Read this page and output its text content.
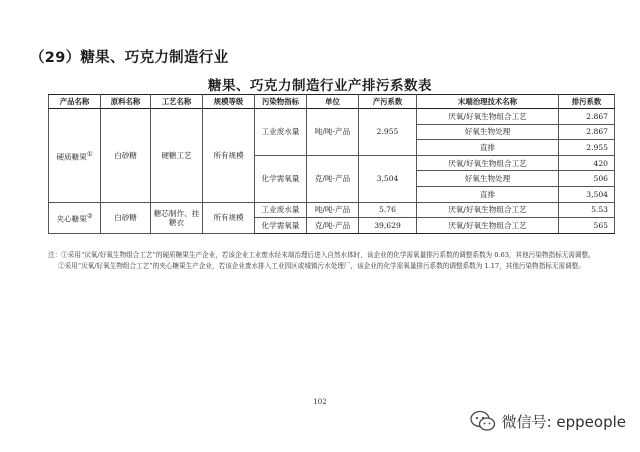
（29）糖果、巧克力制造行业
糖果、巧克力制造行业产排污系数表
产品名称	原料名称	工艺名称	规模等级	污染物指标	单位	产污系数	末端治理技术名称	排污系数
硬质糖果①	白砂糖	硬糖工艺	所有规模	工业废水量	吨/吨-产品	2.955	厌氧/好氧生物组合工艺	2.867
							好氧生物处理	2.867
							直排	2.955
				化学需氧量	克/吨-产品	3,504	厌氧/好氧生物组合工艺	420
							好氧生物处理	506
							直排	3,504
夹心糖果②	白砂糖	糖芯制作、挂糖衣	所有规模	工业废水量	吨/吨-产品	5.76	厌氧/好氧生物组合工艺	5.53
				化学需氧量	克/吨-产品	39,629	厌氧/好氧生物组合工艺	565

注：①采用“厌氧/好氧生物组合工艺”的硬质糖果生产企业，若该企业工业废水经末端治理后进入自然水体时，该企业的化学需氧量排污系数的调整系数为 0.63，其他污染物指标无需调整。

②采用“厌氧/好氧生物组合工艺”的夹心糖果生产企业，若该企业废水排入工业园区或城镇污水处理厂，该企业的化学需氧量排污系数的调整系数为 1.17，其他污染物指标无需调整。

102
微信号: eppeople
